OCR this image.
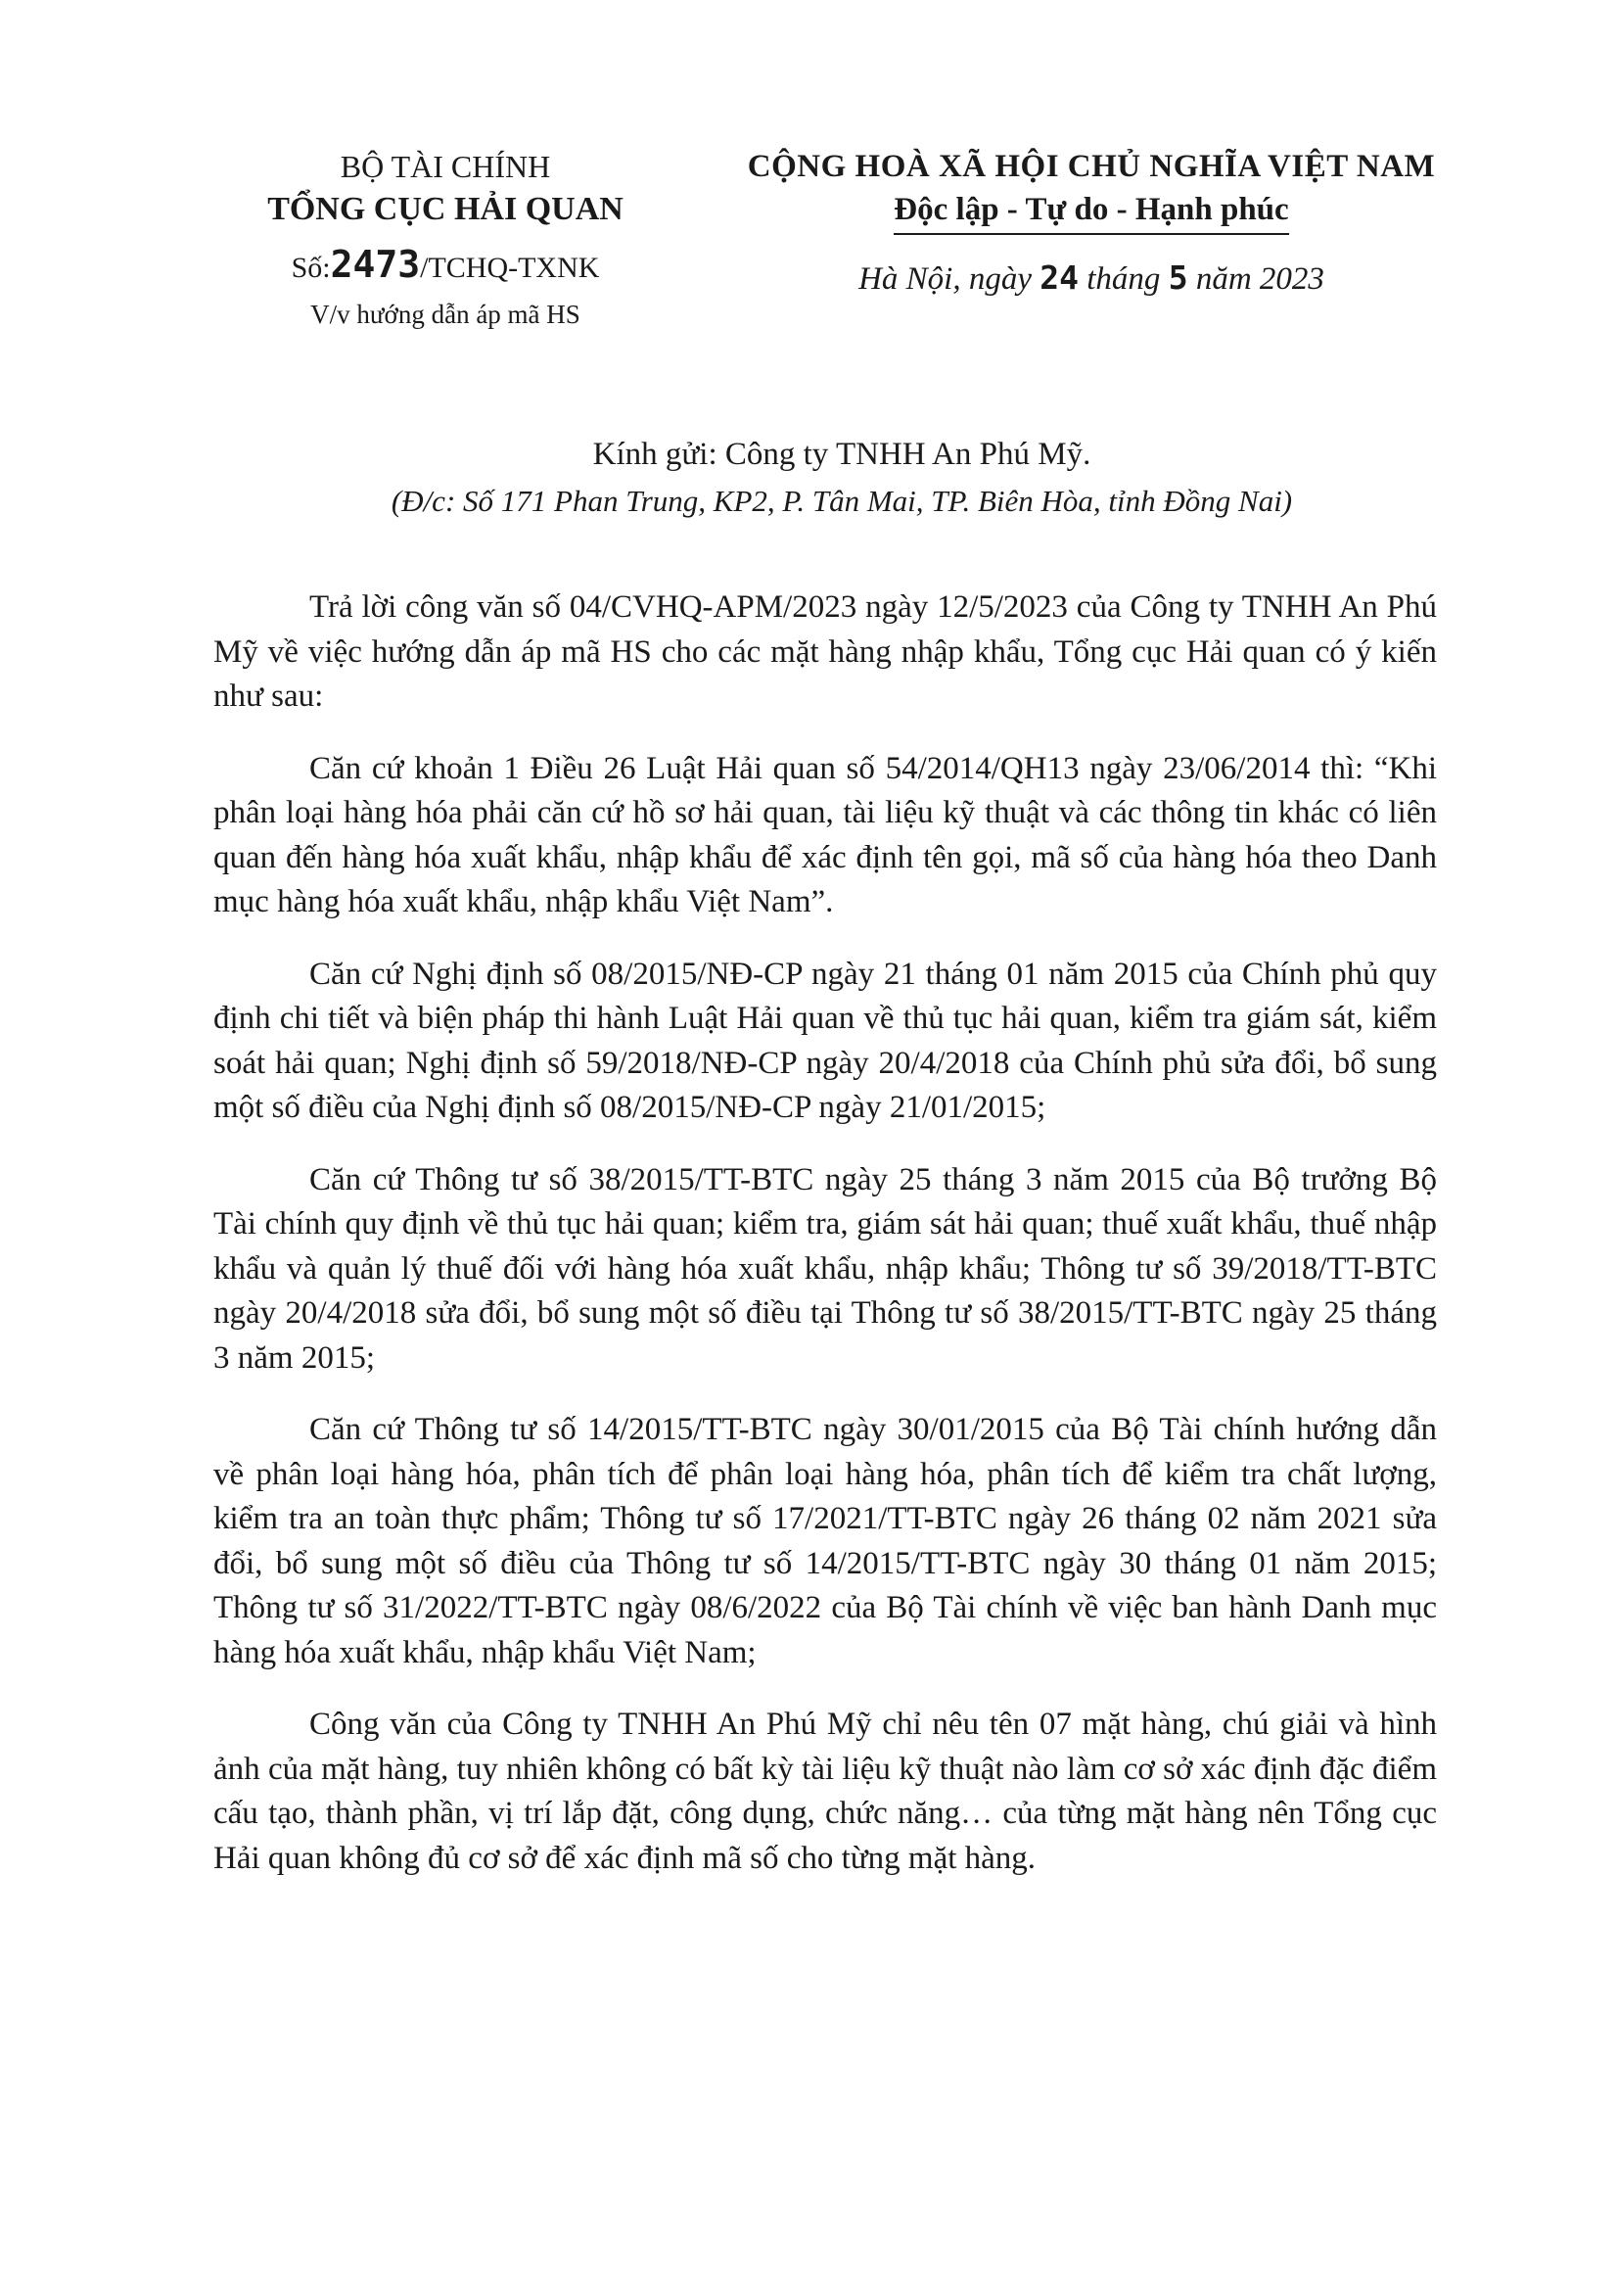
BỘ TÀI CHÍNH
TỔNG CỤC HẢI QUAN
Số:2473/TCHQ-TXNK
V/v hướng dẫn áp mã HS
CỘNG HOÀ XÃ HỘI CHỦ NGHĨA VIỆT NAM
Độc lập - Tự do - Hạnh phúc
Hà Nội, ngày 24 tháng 5 năm 2023
Kính gửi: Công ty TNHH An Phú Mỹ.
(Đ/c: Số 171 Phan Trung, KP2, P. Tân Mai, TP. Biên Hòa, tỉnh Đồng Nai)

Trả lời công văn số 04/CVHQ-APM/2023 ngày 12/5/2023 của Công ty TNHH An Phú Mỹ về việc hướng dẫn áp mã HS cho các mặt hàng nhập khẩu, Tổng cục Hải quan có ý kiến như sau:

Căn cứ khoản 1 Điều 26 Luật Hải quan số 54/2014/QH13 ngày 23/06/2014 thì: “Khi phân loại hàng hóa phải căn cứ hồ sơ hải quan, tài liệu kỹ thuật và các thông tin khác có liên quan đến hàng hóa xuất khẩu, nhập khẩu để xác định tên gọi, mã số của hàng hóa theo Danh mục hàng hóa xuất khẩu, nhập khẩu Việt Nam”.

Căn cứ Nghị định số 08/2015/NĐ-CP ngày 21 tháng 01 năm 2015 của Chính phủ quy định chi tiết và biện pháp thi hành Luật Hải quan về thủ tục hải quan, kiểm tra giám sát, kiểm soát hải quan; Nghị định số 59/2018/NĐ-CP ngày 20/4/2018 của Chính phủ sửa đổi, bổ sung một số điều của Nghị định số 08/2015/NĐ-CP ngày 21/01/2015;

Căn cứ Thông tư số 38/2015/TT-BTC ngày 25 tháng 3 năm 2015 của Bộ trưởng Bộ Tài chính quy định về thủ tục hải quan; kiểm tra, giám sát hải quan; thuế xuất khẩu, thuế nhập khẩu và quản lý thuế đối với hàng hóa xuất khẩu, nhập khẩu; Thông tư số 39/2018/TT-BTC ngày 20/4/2018 sửa đổi, bổ sung một số điều tại Thông tư số 38/2015/TT-BTC ngày 25 tháng 3 năm 2015;

Căn cứ Thông tư số 14/2015/TT-BTC ngày 30/01/2015 của Bộ Tài chính hướng dẫn về phân loại hàng hóa, phân tích để phân loại hàng hóa, phân tích để kiểm tra chất lượng, kiểm tra an toàn thực phẩm; Thông tư số 17/2021/TT-BTC ngày 26 tháng 02 năm 2021 sửa đổi, bổ sung một số điều của Thông tư số 14/2015/TT-BTC ngày 30 tháng 01 năm 2015; Thông tư số 31/2022/TT-BTC ngày 08/6/2022 của Bộ Tài chính về việc ban hành Danh mục hàng hóa xuất khẩu, nhập khẩu Việt Nam;

Công văn của Công ty TNHH An Phú Mỹ chỉ nêu tên 07 mặt hàng, chú giải và hình ảnh của mặt hàng, tuy nhiên không có bất kỳ tài liệu kỹ thuật nào làm cơ sở xác định đặc điểm cấu tạo, thành phần, vị trí lắp đặt, công dụng, chức năng… của từng mặt hàng nên Tổng cục Hải quan không đủ cơ sở để xác định mã số cho từng mặt hàng.
